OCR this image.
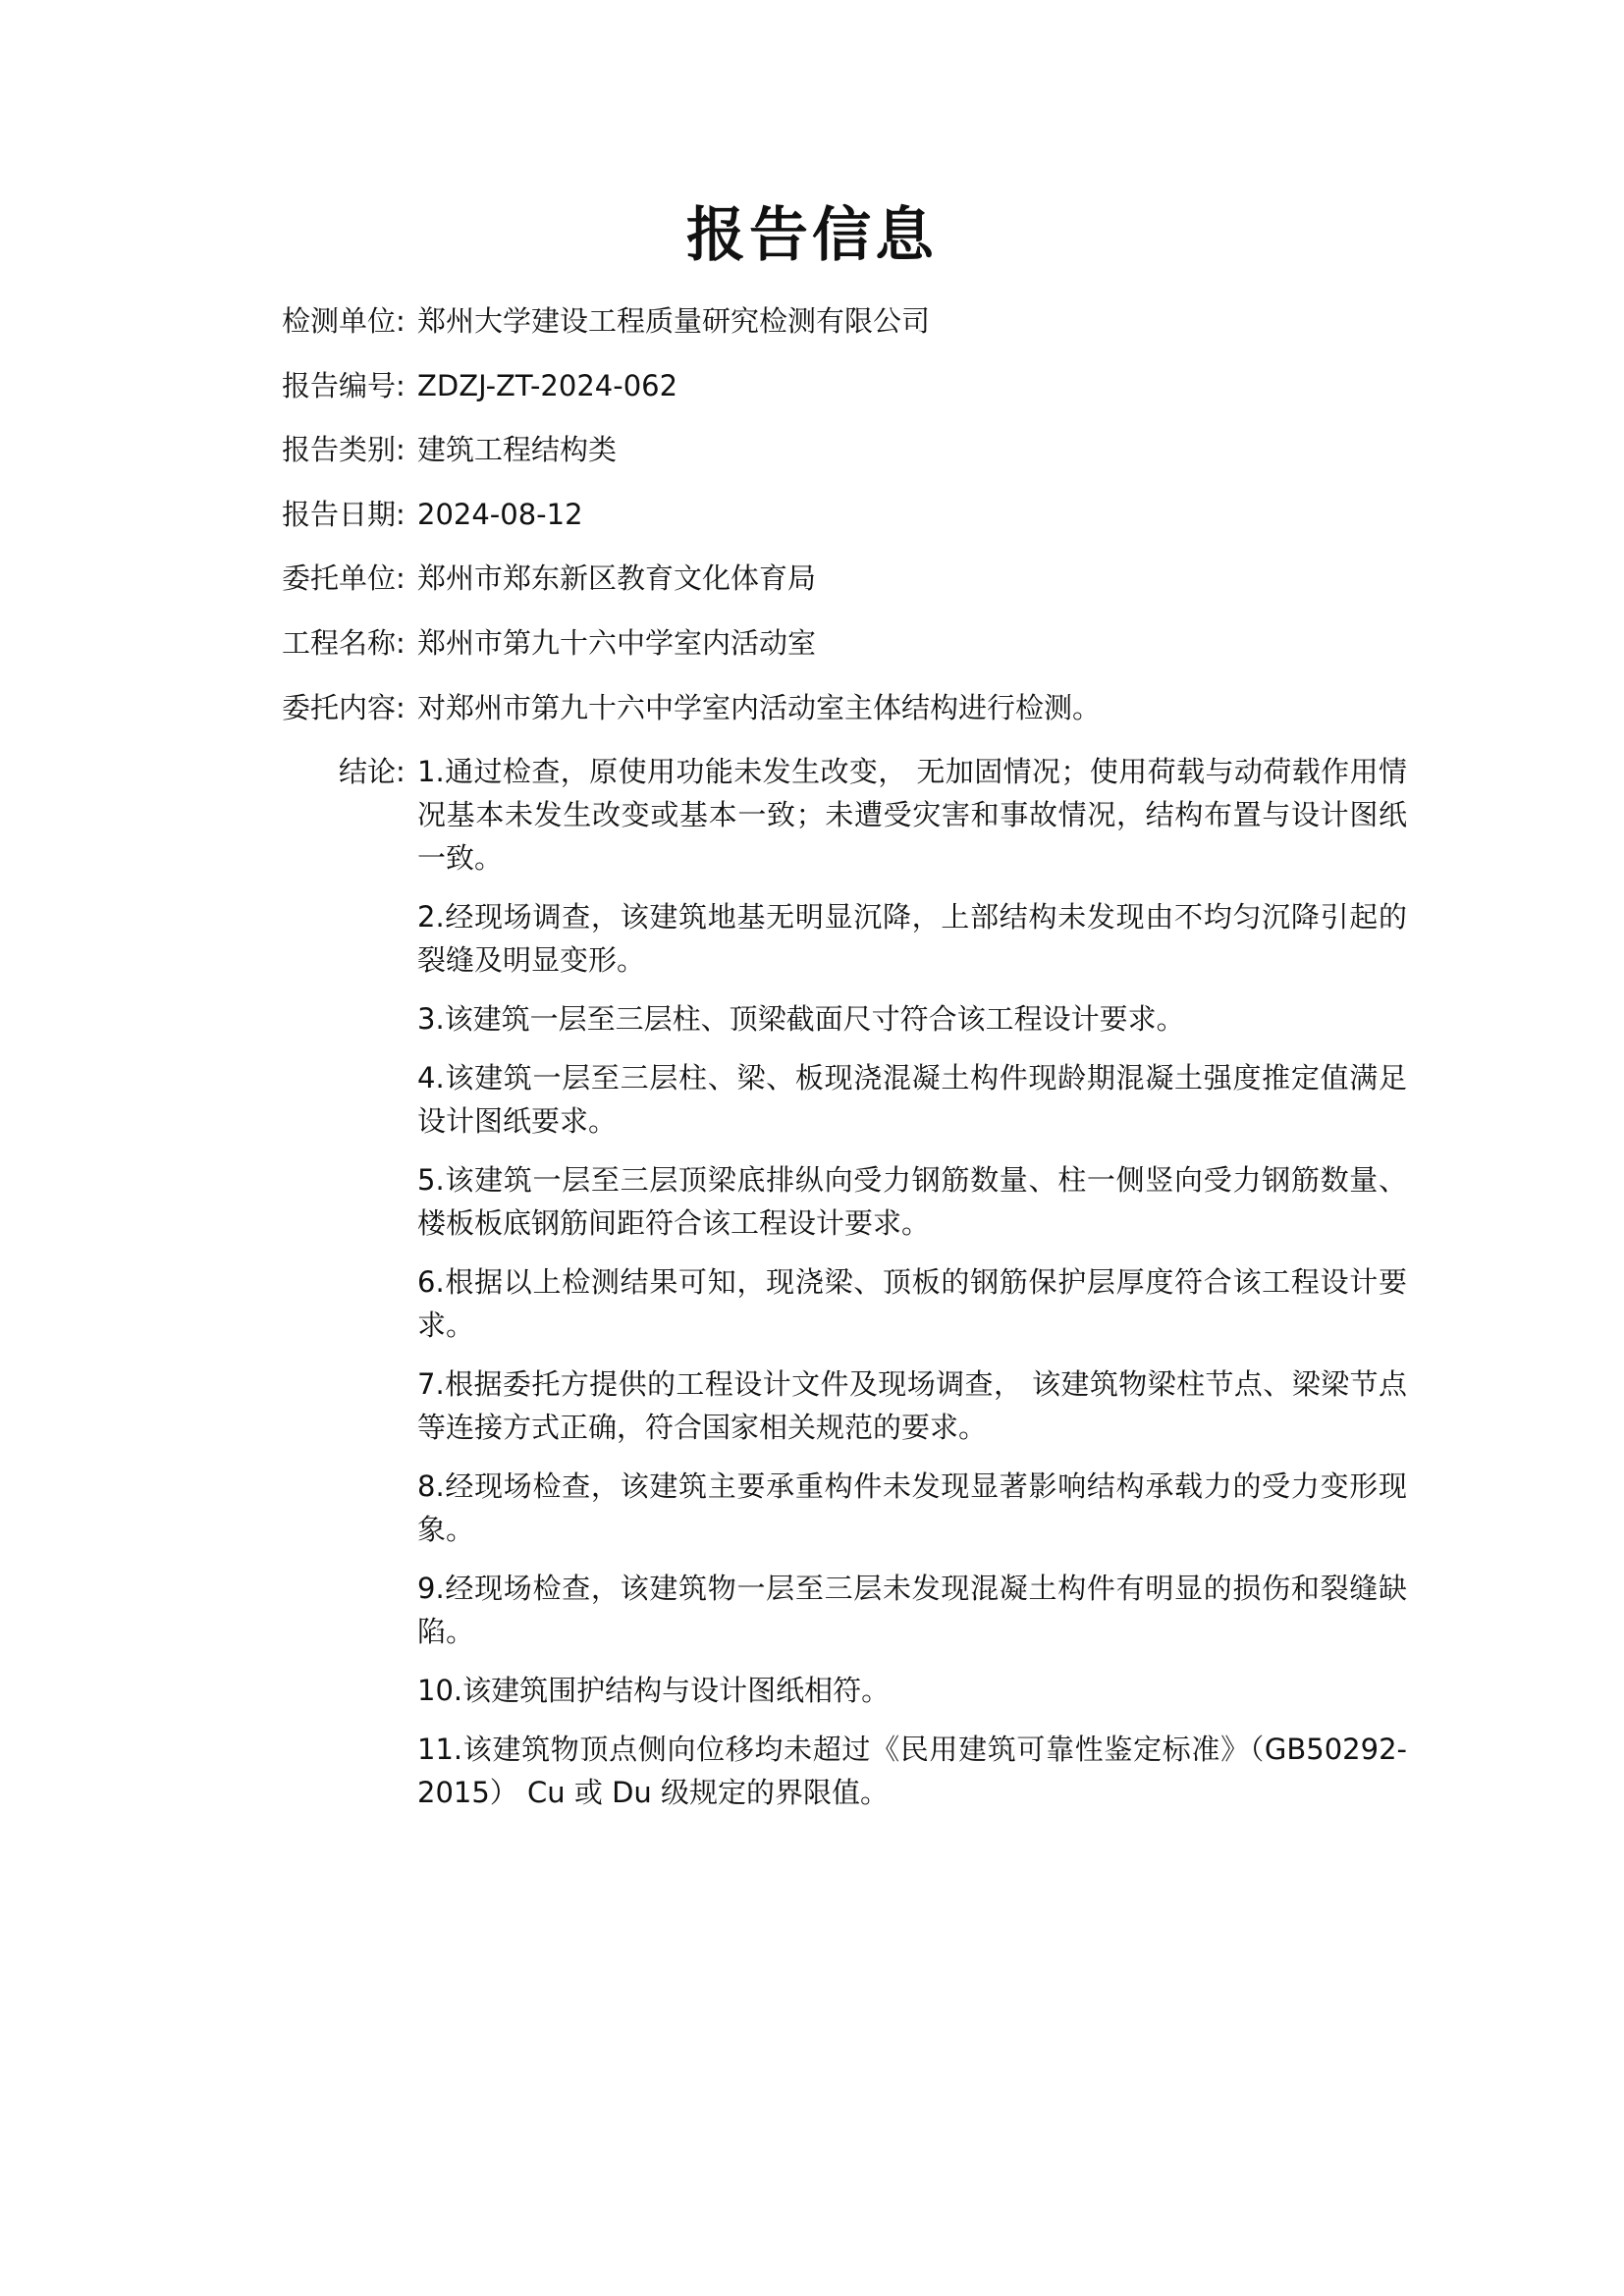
报告信息
检测单位 : 郑州大学建设工程质量研究检测有限公司
报告编号 : ZDZJ-ZT-2024-062
报告类别 : 建筑工程结构类
报告日期 : 2024-08-12
委托单位 : 郑州市郑东新区教育文化体育局
工程名称 : 郑州市第九十六中学室内活动室
委托内容 : 对郑州市第九十六中学室内活动室主体结构进行检测。
结论 : 1.通过检查，原使用功能未发生改变， 无加固情况；使用荷载与动荷载作用情况基本未发生改变或基本一致；未遭受灾害和事故情况，结构布置与设计图纸一致。

2.经现场调查，该建筑地基无明显沉降，上部结构未发现由不均匀沉降引起的裂缝及明显变形。

3.该建筑一层至三层柱、顶梁截面尺寸符合该工程设计要求。

4.该建筑一层至三层柱、梁、板现浇混凝土构件现龄期混凝土强度推定值满足设计图纸要求。

5.该建筑一层至三层顶梁底排纵向受力钢筋数量、柱一侧竖向受力钢筋数量、楼板板底钢筋间距符合该工程设计要求。

6.根据以上检测结果可知，现浇梁、顶板的钢筋保护层厚度符合该工程设计要求。

7.根据委托方提供的工程设计文件及现场调查， 该建筑物梁柱节点、梁梁节点等连接方式正确，符合国家相关规范的要求。

8.经现场检查，该建筑主要承重构件未发现显著影响结构承载力的受力变形现象。

9.经现场检查，该建筑物一层至三层未发现混凝土构件有明显的损伤和裂缝缺陷。

10.该建筑围护结构与设计图纸相符。

11.该建筑物顶点侧向位移均未超过《民用建筑可靠性鉴定标准》（GB50292-2015） Cu 或 Du 级规定的界限值。
